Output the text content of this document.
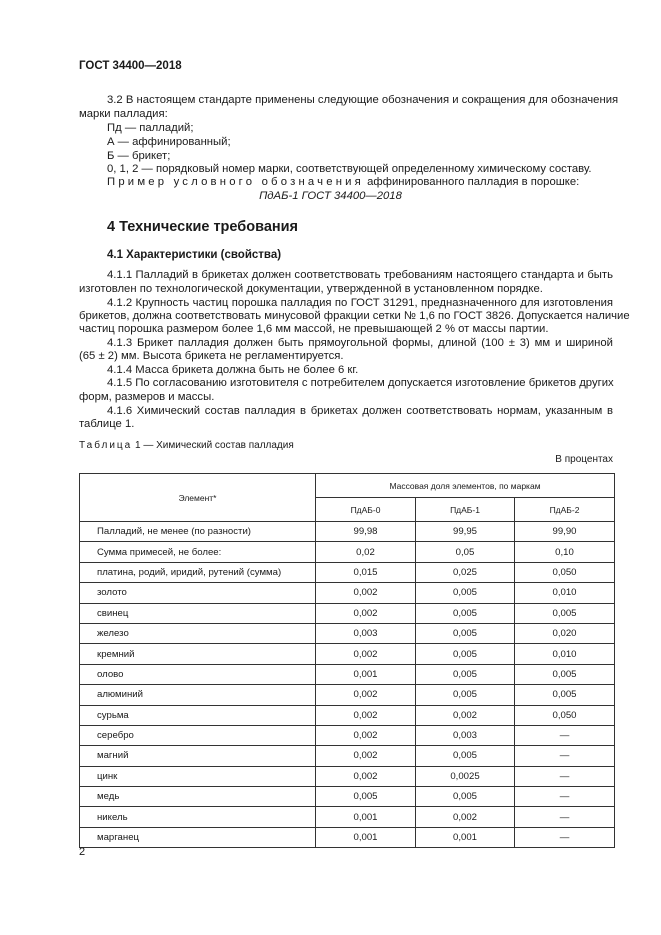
ГОСТ 34400—2018
3.2 В настоящем стандарте применены следующие обозначения и сокращения для обозначения
марки палладия:
Пд — палладий;
А — аффинированный;
Б — брикет;
0, 1, 2 — порядковый номер марки, соответствующей определенному химическому составу.
Пример условного обозначения аффинированного палладия в порошке:
ПдАБ-1 ГОСТ 34400—2018
4 Технические требования
4.1 Характеристики (свойства)
4.1.1 Палладий в брикетах должен соответствовать требованиям настоящего стандарта и быть
изготовлен по технологической документации, утвержденной в установленном порядке.
4.1.2 Крупность частиц порошка палладия по ГОСТ 31291, предназначенного для изготовления
брикетов, должна соответствовать минусовой фракции сетки № 1,6 по ГОСТ 3826. Допускается наличие
частиц порошка размером более 1,6 мм массой, не превышающей 2 % от массы партии.
4.1.3 Брикет палладия должен быть прямоугольной формы, длиной (100 ± 3) мм и шириной
(65 ± 2) мм. Высота брикета не регламентируется.
4.1.4 Масса брикета должна быть не более 6 кг.
4.1.5 По согласованию изготовителя с потребителем допускается изготовление брикетов других
форм, размеров и массы.
4.1.6 Химический состав палладия в брикетах должен соответствовать нормам, указанным в
таблице 1.
Таблица 1 — Химический состав палладия
В процентах
Элемент*	Массовая доля элементов, по маркам		
	ПдАБ-0	ПдАБ-1	ПдАБ-2
Палладий, не менее (по разности)	99,98	99,95	99,90
Сумма примесей, не более:	0,02	0,05	0,10
платина, родий, иридий, рутений (сумма)	0,015	0,025	0,050
золото	0,002	0,005	0,010
свинец	0,002	0,005	0,005
железо	0,003	0,005	0,020
кремний	0,002	0,005	0,010
олово	0,001	0,005	0,005
алюминий	0,002	0,005	0,005
сурьма	0,002	0,002	0,050
серебро	0,002	0,003	—
магний	0,002	0,005	—
цинк	0,002	0,0025	—
медь	0,005	0,005	—
никель	0,001	0,002	—
марганец	0,001	0,001	—
2
